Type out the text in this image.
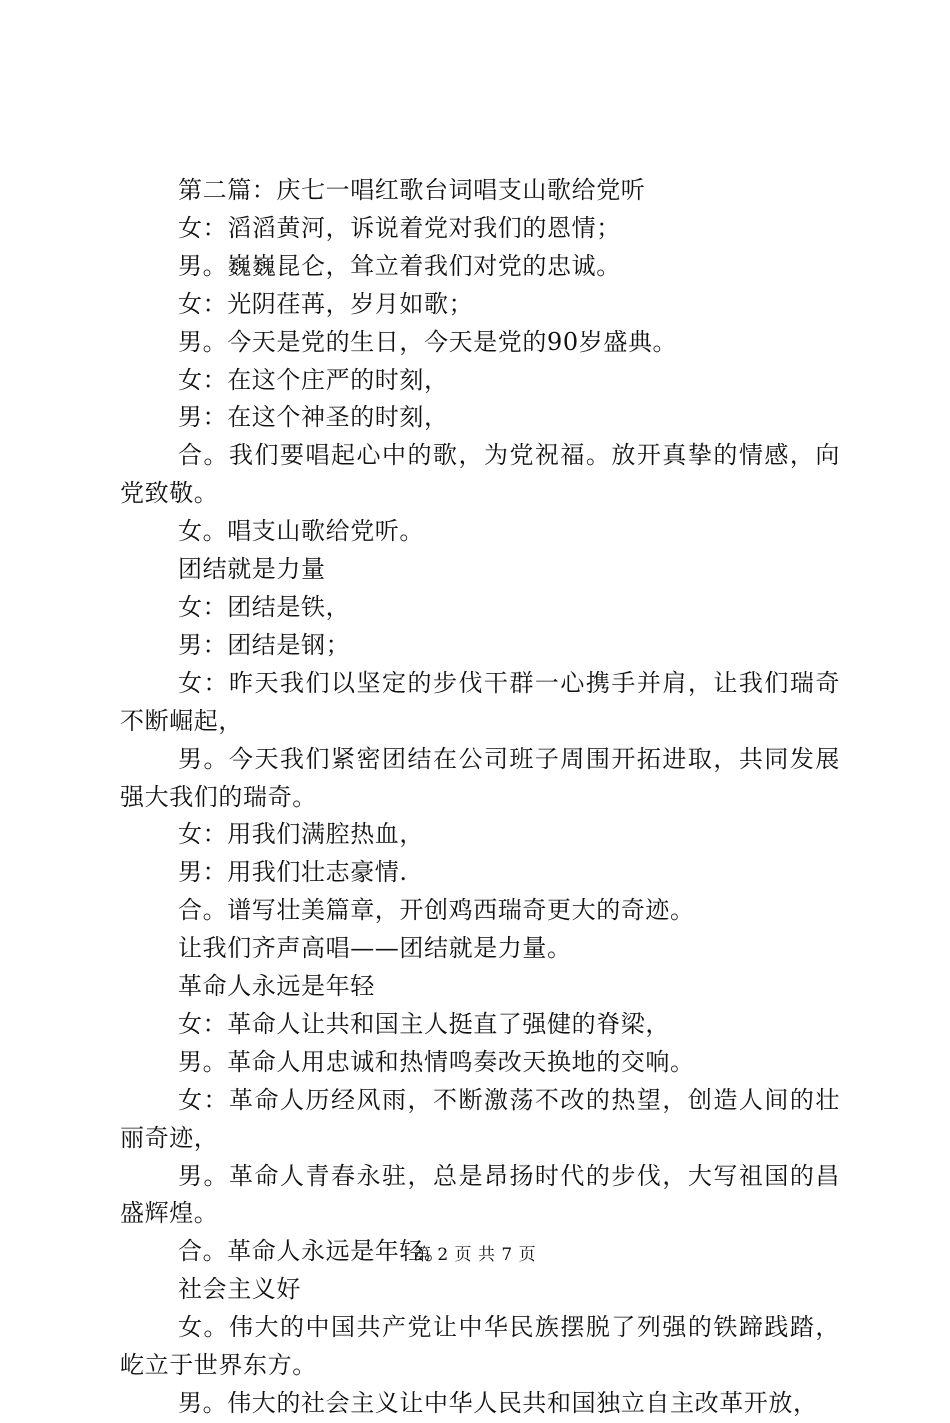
第二篇：庆七一唱红歌台词唱支山歌给党听

女：滔滔黄河，诉说着党对我们的恩情；

男。巍巍昆仑，耸立着我们对党的忠诚。

女：光阴荏苒，岁月如歌；

男。今天是党的生日，今天是党的90岁盛典。

女：在这个庄严的时刻，

男：在这个神圣的时刻，

合。我们要唱起心中的歌，为党祝福。放开真挚的情感，向党致敬。

女。唱支山歌给党听。

团结就是力量

女：团结是铁，

男：团结是钢；

女：昨天我们以坚定的步伐干群一心携手并肩，让我们瑞奇不断崛起，

男。今天我们紧密团结在公司班子周围开拓进取，共同发展强大我们的瑞奇。

女：用我们满腔热血，

男：用我们壮志豪情.

合。谱写壮美篇章，开创鸡西瑞奇更大的奇迹。

让我们齐声高唱——团结就是力量。

革命人永远是年轻

女：革命人让共和国主人挺直了强健的脊梁，

男。革命人用忠诚和热情鸣奏改天换地的交响。

女：革命人历经风雨，不断激荡不改的热望，创造人间的壮丽奇迹，

男。革命人青春永驻，总是昂扬时代的步伐，大写祖国的昌盛辉煌。

合。革命人永远是年轻。

社会主义好

女。伟大的中国共产党让中华民族摆脱了列强的铁蹄践踏，屹立于世界东方。

男。伟大的社会主义让中华人民共和国独立自主改革开放，

第 2 页 共 7 页
